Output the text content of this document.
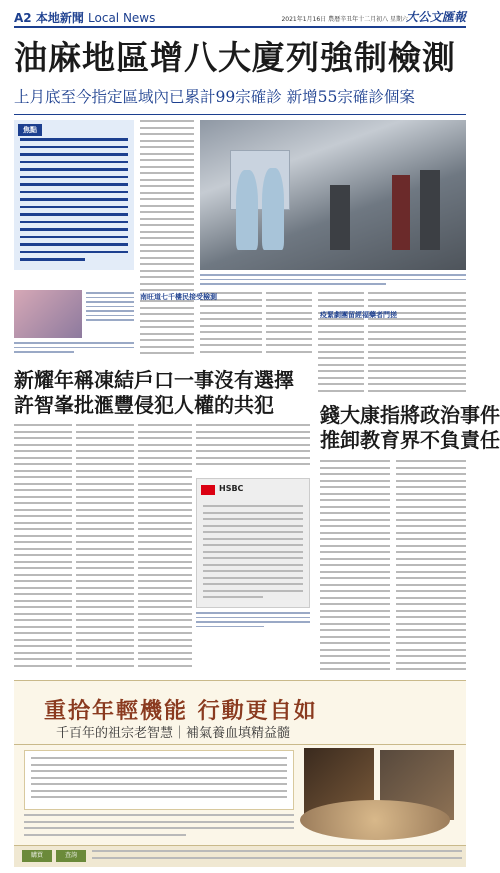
A2 本地新聞 Local News	2021年1月16日 農曆辛丑年十二月初八 星期六
大公文匯報
油麻地區增八大廈列強制檢測
上月底至今指定區域內已累計99宗確診 新增55宗確診個案
焦點
南旺道七千樓民接受檢測
疫緊劇團留經福藥者門搓
新耀年稱凍結戶口一事沒有選擇
許智峯批滙豐侵犯人權的共犯
HSBC
錢大康指將政治事件
推卸教育界不負責任
重拾年輕機能 行動更自如
千百年的祖宗老智慧｜補氣養血填精益髓
購買	查詢
